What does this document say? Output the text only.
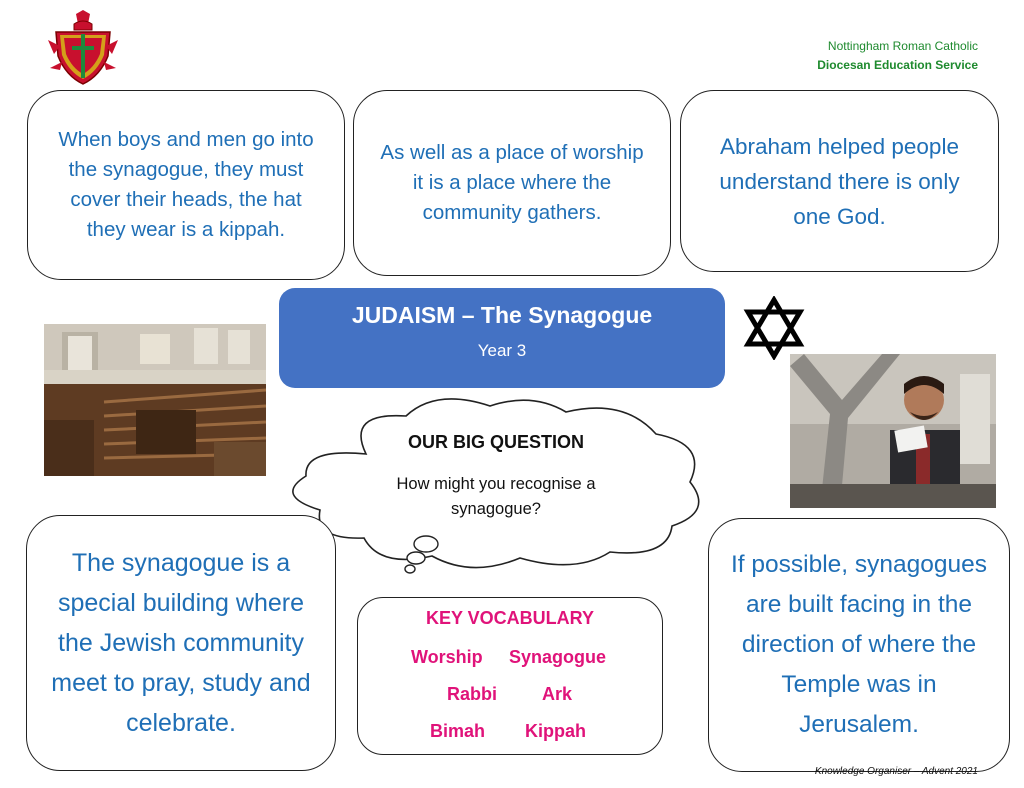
Nottingham Roman Catholic
Diocesan Education Service
When boys and men go into the synagogue, they must cover their heads, the hat they wear is a kippah.
As well as a place of worship it is a place where the community gathers.
Abraham helped people understand there is only one God.
JUDAISM – The Synagogue
Year 3
OUR BIG QUESTION
How might you recognise a
synagogue?
The synagogue is a special building where the Jewish community meet to pray, study and celebrate.
If possible, synagogues are built facing in the direction of where the Temple was in Jerusalem.
KEY VOCABULARY
Worship Synagogue
Rabbi Ark
Bimah Kippah
Knowledge Organiser – Advent 2021
